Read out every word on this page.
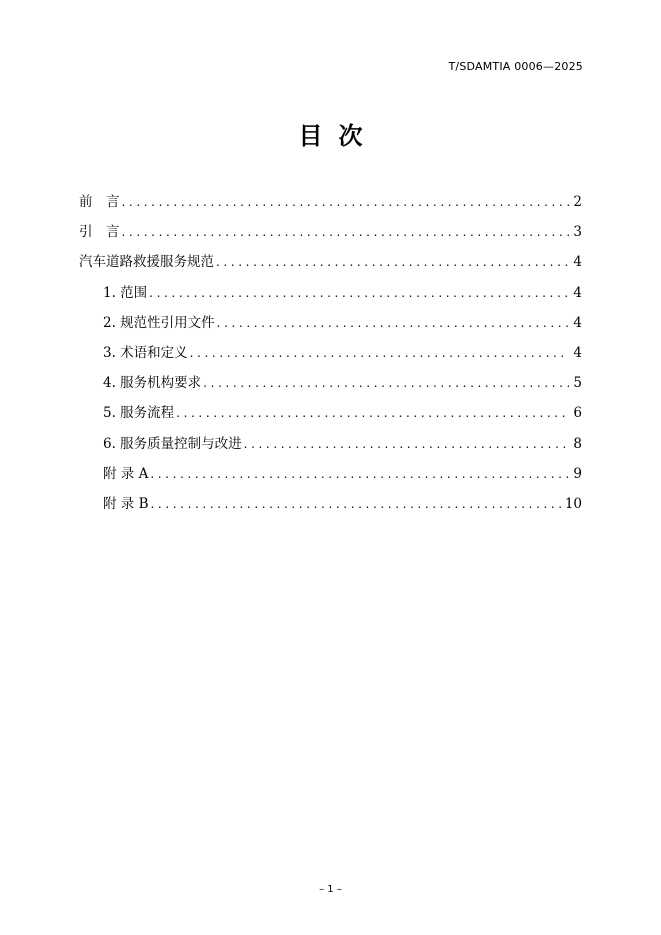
T/SDAMTIA 0006—2025
目次
前　言 .....	2
引　言 .....	3
汽车道路救援服务规范 .....	4
1. 范围 .....	4
2. 规范性引用文件 .....	4
3. 术语和定义 .....	4
4. 服务机构要求 .....	5
5. 服务流程 .....	6
6. 服务质量控制与改进 .....	8
附 录 A .....	9
附 录 B .....	10
– 1 –
